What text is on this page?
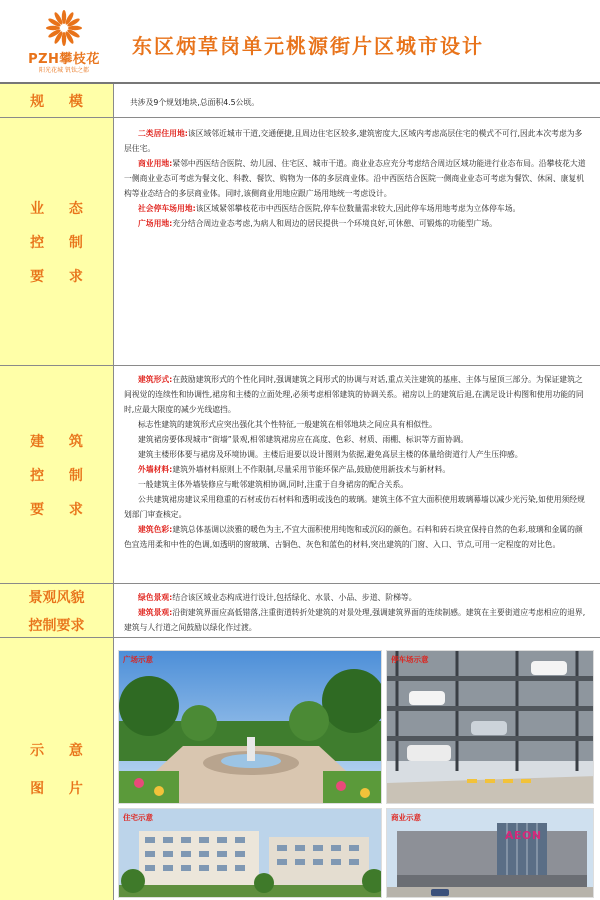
PZH攀枝花
阳光花城 钒钛之都
东区炳草岗单元桃源街片区城市设计
规 模	共涉及9个规划地块,总面积4.5公顷。
业 态
控 制
要 求

二类居住用地:该区域邻近城市干道,交通便捷,且周边住宅区较多,建筑密度大,区域内考虑高层住宅的模式不可行,因此本次考虑为多层住宅。

商业用地:紧邻中西医结合医院、幼儿园、住宅区、城市干道。商业业态应充分考虑结合周边区域功能进行业态布局。沿攀枝花大道一侧商业业态可考虑为餐文化、科教、餐饮、购物为一体的多层商业体。沿中西医结合医院一侧商业业态可考虑为餐饮、休闲、康复机构等业态结合的多层商业体。同时,该侧商业用地应跟广场用地统一考虑设计。

社会停车场用地:该区域紧邻攀枝花市中西医结合医院,停车位数量需求较大,因此停车场用地考虑为立体停车场。

广场用地:充分结合周边业态考虑,为病人和周边的居民提供一个环境良好,可休憩、可锻炼的功能型广场。

建 筑
控 制
要 求

建筑形式:在鼓励建筑形式的个性化同时,强调建筑之间形式的协调与对话,重点关注建筑的基座、主体与屋顶三部分。为保证建筑之间视觉的连续性和协调性,裙房和主楼的立面处理,必须考虑相邻建筑的协调关系。裙房以上的建筑后退,在满足设计构图和使用功能的同时,应最大限度的减少光线遮挡。

标志性建筑的建筑形式应突出强化其个性特征,一般建筑在相邻地块之间应具有相似性。

建筑裙房要体现城市“街墙”景观,相邻建筑裙房应在高度、色彩、材质、雨棚、标识等方面协调。

建筑主楼形体要与裙房及环境协调。主楼后退要以设计图则为依据,避免高层主楼的体量给街道行人产生压抑感。

外墙材料:建筑外墙材料原则上不作限制,尽量采用节能环保产品,鼓励使用新技术与新材料。

一般建筑主体外墙装修应与毗邻建筑相协调,同时,注重于自身裙房的配合关系。

公共建筑裙房建议采用稳重的石材或仿石材料和透明或浅色的玻璃。建筑主体不宜大面积使用玻璃幕墙以减少光污染,如使用须经规划部门审查核定。

建筑色彩:建筑总体基调以淡雅的暖色为主,不宜大面积使用纯饱和或沉闷的颜色。石料和砖石块宜保持自然的色彩,玻璃和金属的颜色宜选用柔和中性的色调,如透明的窗玻璃、古铜色、灰色和蓝色的材料,突出建筑的门窗、入口、节点,可用一定程度的对比色。

景观风貌
控制要求

绿色景观:结合该区域业态构成进行设计,包括绿化、水景、小品、步道、阶梯等。

建筑景观:沿街建筑界面应高低错落,注重街道转折处建筑的对景处理,强调建筑界面的连续制感。建筑在主要街道应考虑相应的退界,建筑与人行道之间鼓励以绿化作过渡。

示 意
图 片
广场示意	停车场示意
住宅示意
AEON
商业示意
